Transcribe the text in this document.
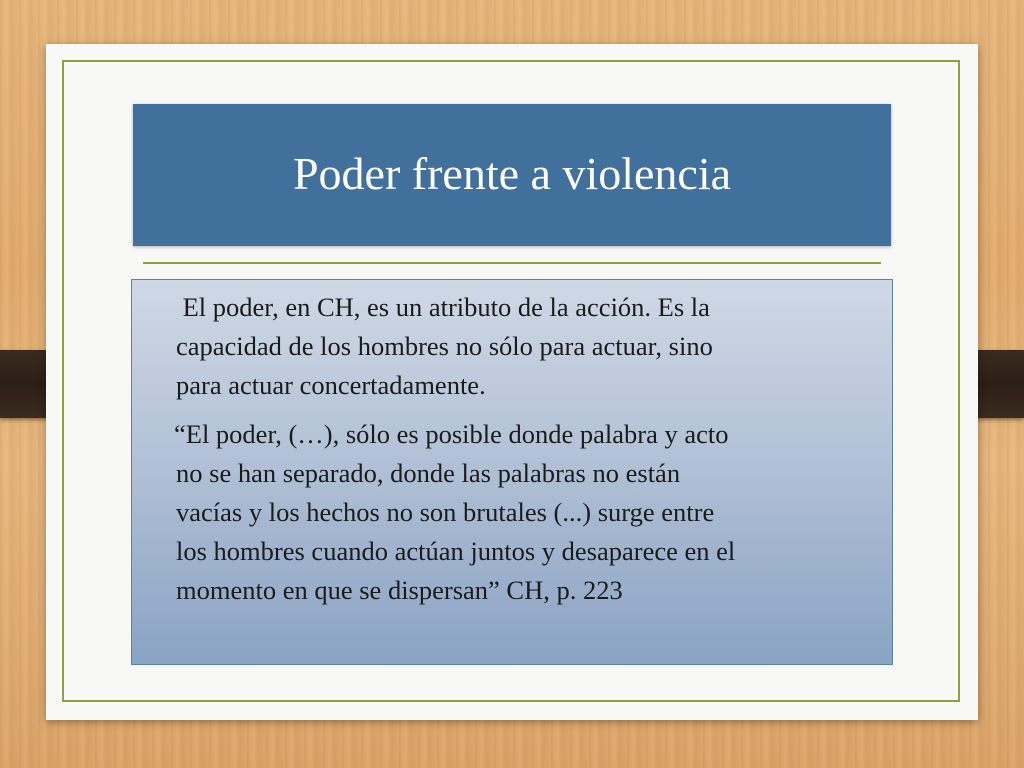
Poder frente a violencia

El poder, en CH, es un atributo de la acción. Es la
capacidad de los hombres no sólo para actuar, sino
para actuar concertadamente.

“El poder, (…), sólo es posible donde palabra y acto
no se han separado, donde las palabras no están
vacías y los hechos no son brutales (...) surge entre
los hombres cuando actúan juntos y desaparece en el
momento en que se dispersan” CH, p. 223
